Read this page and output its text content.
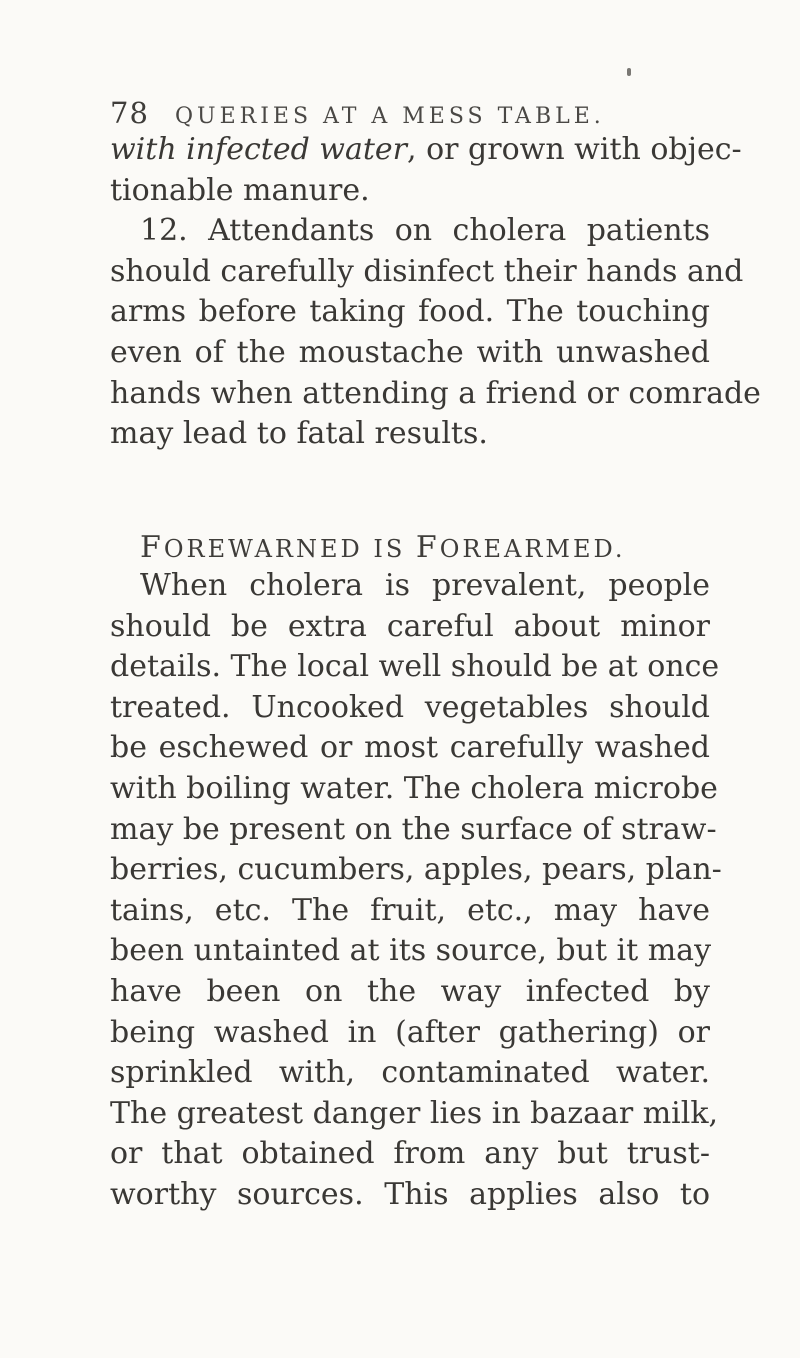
78	QUERIES AT A MESS TABLE.
with infected water, or grown with objec-
tionable manure.
12. Attendants on cholera patients
should carefully disinfect their hands and
arms before taking food. The touching
even of the moustache with unwashed
hands when attending a friend or comrade
may lead to fatal results.
FOREWARNED IS FOREARMED.
When cholera is prevalent, people
should be extra careful about minor
details. The local well should be at once
treated. Uncooked vegetables should
be eschewed or most carefully washed
with boiling water. The cholera microbe
may be present on the surface of straw-
berries, cucumbers, apples, pears, plan-
tains, etc. The fruit, etc., may have
been untainted at its source, but it may
have been on the way infected by
being washed in (after gathering) or
sprinkled with, contaminated water.
The greatest danger lies in bazaar milk,
or that obtained from any but trust-
worthy sources. This applies also to
